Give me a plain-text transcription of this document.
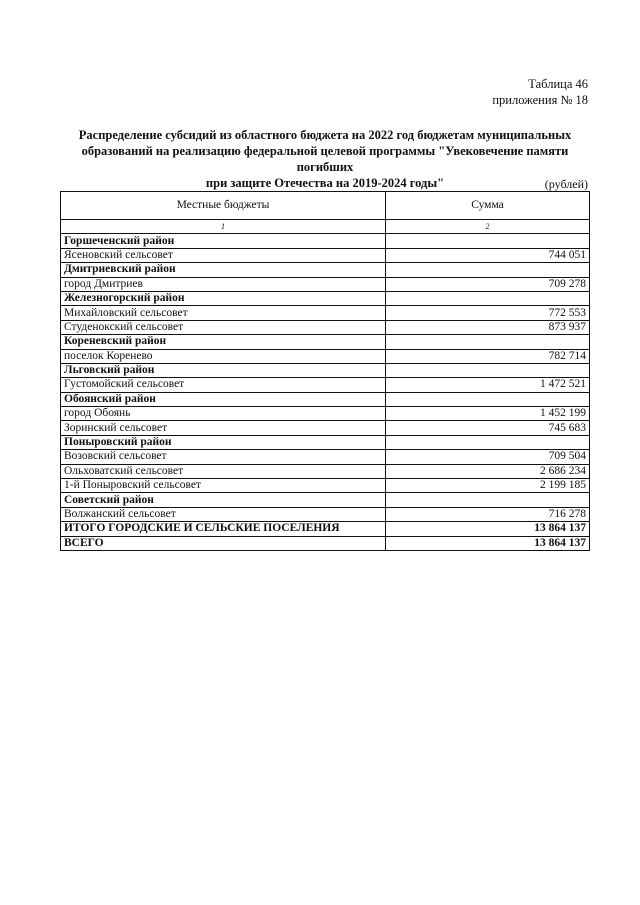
Таблица 46
приложения № 18
Распределение субсидий из областного бюджета на 2022 год бюджетам муниципальных
образований на реализацию федеральной целевой программы "Увековечение памяти погибших
при защите Отечества на 2019-2024 годы"	(рублей)
Местные бюджеты	Сумма
1	2
Горшеченский район	
Ясеновский сельсовет	744 051
Дмитриевский район	
город Дмитриев	709 278
Железногорский район	
Михайловский сельсовет	772 553
Студенокский сельсовет	873 937
Кореневский район	
поселок Коренево	782 714
Льговский район	
Густомойский сельсовет	1 472 521
Обоянский район	
город Обоянь	1 452 199
Зоринский сельсовет	745 683
Поныровский район	
Возовский сельсовет	709 504
Ольховатский сельсовет	2 686 234
1-й Поныровский сельсовет	2 199 185
Советский район	
Волжанский сельсовет	716 278
ИТОГО ГОРОДСКИЕ И СЕЛЬСКИЕ ПОСЕЛЕНИЯ	13 864 137
ВСЕГО	13 864 137
